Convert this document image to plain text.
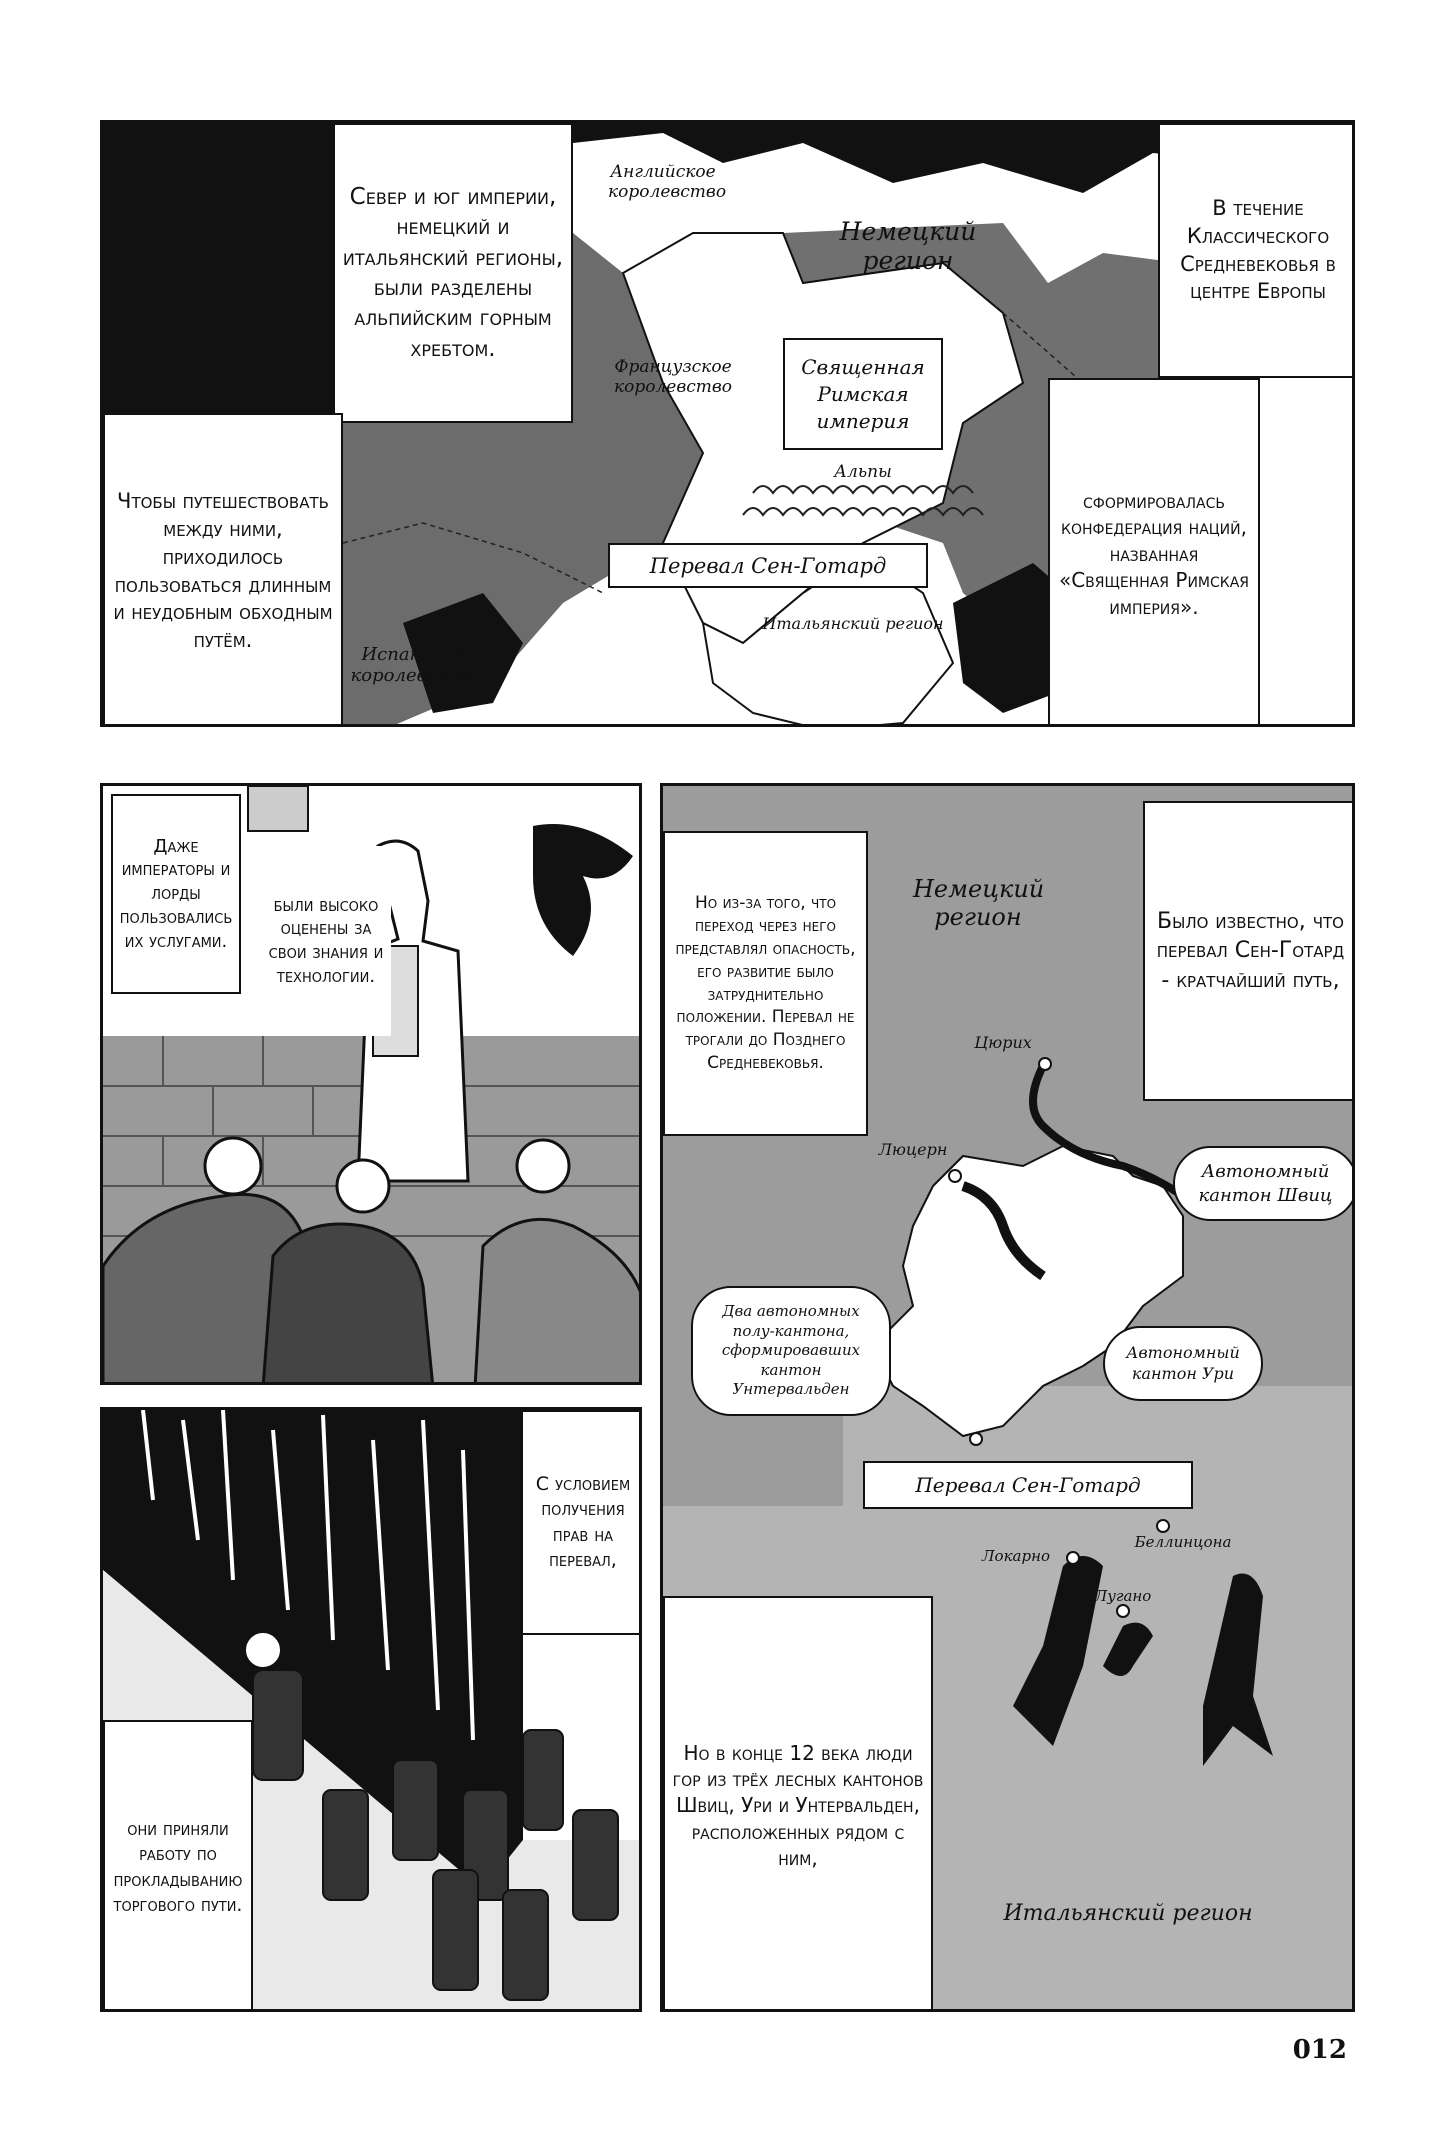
Север и юг империи, немецкий и итальянский регионы, были разделены альпийским горным хребтом.
Чтобы путешествовать между ними, приходилось пользоваться длинным и неудобным обходным путём.
В течение Классического Средневековья в центре Европы
сформировалась конфедерация наций, названная «Священная Римская империя».
Английское королевство
Немецкий регион
Французское королевство
Священная Римская империя
Альпы
Перевал Сен-Готард
Итальянский регион
Испанские королевства
Даже императоры и лорды пользовались их услугами.
были высоко оценены за свои знания и технологии.
С условием получения прав на перевал,
они приняли работу по прокладыванию торгового пути.
Но из-за того, что переход через него представлял опасность, его развитие было затруднительно положении. Перевал не трогали до Позднего Средневековья.
Было известно, что перевал Сен-Готард - кратчайший путь,
Но в конце 12 века люди гор из трёх лесных кантонов Швиц, Ури и Унтервальден, расположенных рядом с ним,
Немецкий регион
Цюрих
Люцерн
Автономный кантон Швиц
Два автономных полу-кантона, сформировавших кантон Унтервальден
Автономный кантон Ури
Перевал Сен-Готард
Беллинцона
Локарно
Лугано
Итальянский регион
012
